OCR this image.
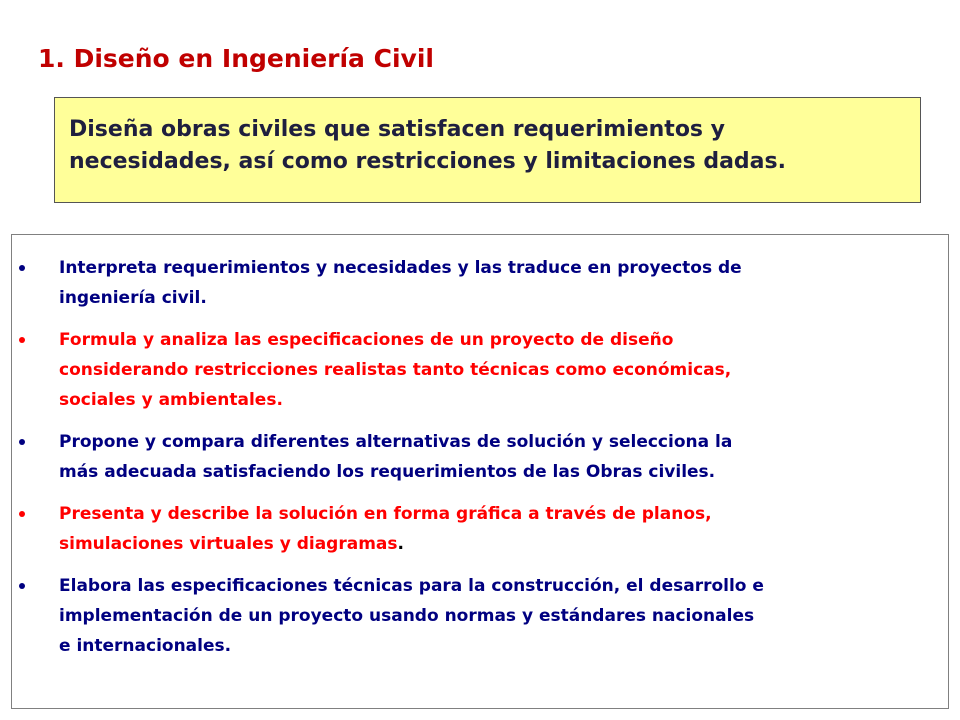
1. Diseño en Ingeniería Civil
Diseña obras civiles que satisfacen requerimientos y
necesidades, así como restricciones y limitaciones dadas.
Interpreta requerimientos y necesidades y las traduce en proyectos de
ingeniería civil.
Formula y analiza las especificaciones de un proyecto de diseño
considerando restricciones realistas tanto técnicas como económicas,
sociales y ambientales.
Propone y compara diferentes alternativas de solución y selecciona la
más adecuada satisfaciendo los requerimientos de las Obras civiles.
Presenta y describe la solución en forma gráfica a través de planos,
simulaciones virtuales y diagramas.
Elabora las especificaciones técnicas para la construcción, el desarrollo e
implementación de un proyecto usando normas y estándares nacionales
e internacionales.
